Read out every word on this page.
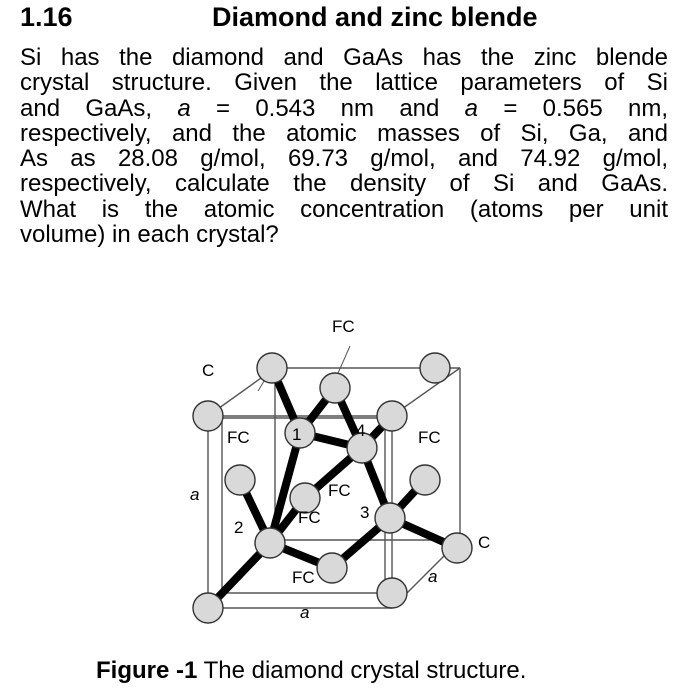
1.16	Diamond and zinc blende
Si has the diamond and GaAs has the zinc blende
crystal structure. Given the lattice parameters of Si
and GaAs, a = 0.543 nm and a = 0.565 nm,
respectively, and the atomic masses of Si, Ga, and
As as 28.08 g/mol, 69.73 g/mol, and 74.92 g/mol,
respectively, calculate the density of Si and GaAs.
What is the atomic concentration (atoms per unit
volume) in each crystal?
C
C
FC	FC
FC
FC
FC
FC
a
a
a
1
2
3
4
Figure -1 The diamond crystal structure.
